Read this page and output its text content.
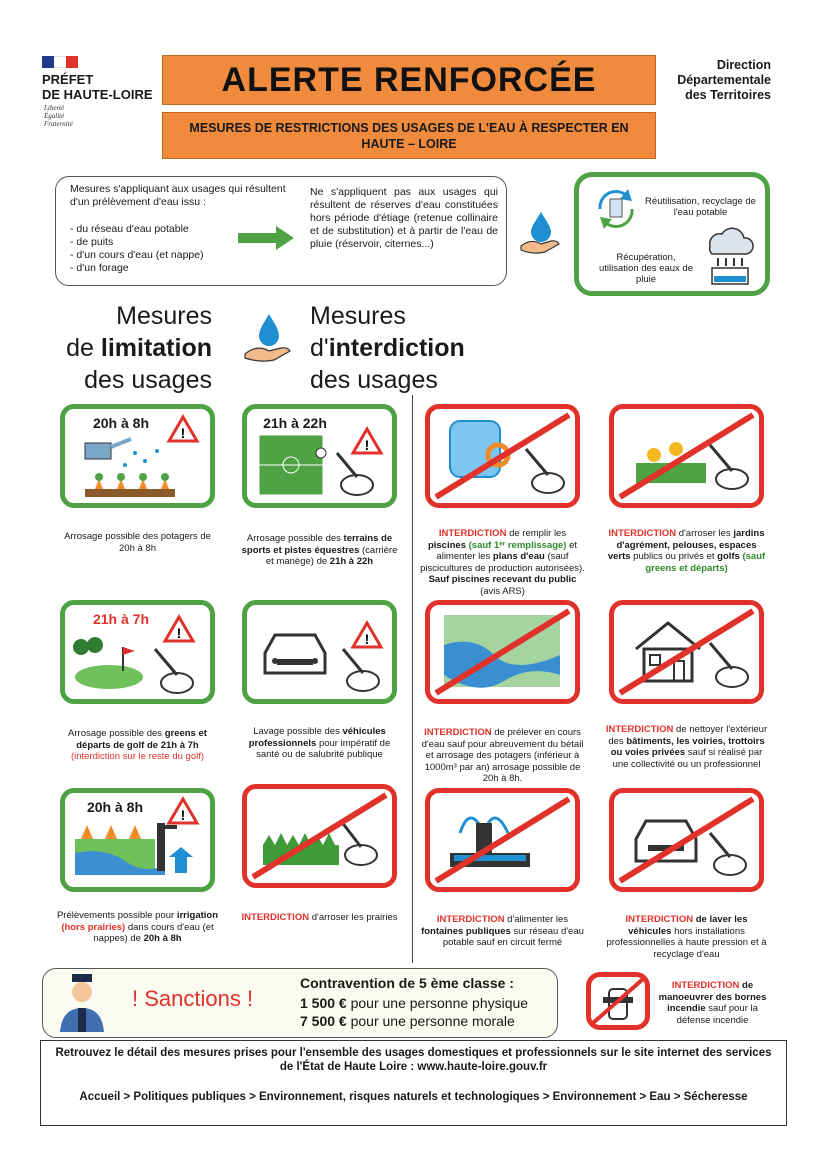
PRÉFET
DE HAUTE-LOIRE
Liberté
Égalité
Fraternité
ALERTE RENFORCÉE
MESURES DE RESTRICTIONS DES USAGES DE L'EAU À RESPECTER EN HAUTE – LOIRE
Direction
Départementale
des Territoires
Mesures s'appliquant aux usages qui résultent d'un prélèvement d'eau issu :
- du réseau d'eau potable
- de puits
- d'un cours d'eau (et nappe)
- d'un forage
Ne s'appliquent pas aux usages qui résultent de réserves d'eau constituées hors période d'étiage (retenue collinaire et de substitution) et à partir de l'eau de pluie (réservoir, citernes...)
Réutilisation, recyclage de l'eau potable
Récupération, utilisation des eaux de pluie
Mesures
de limitation
des usages
Mesures
d'interdiction
des usages
20h à 8h
!
Arrosage possible des potagers de 20h à 8h
21h à 22h
!
Arrosage possible des terrains de sports et pistes équestres (carrière et manège) de 21h à 22h
INTERDICTION de remplir les piscines (sauf 1ᵉʳ remplissage) et alimenter les plans d'eau (sauf piscicultures de production autorisées). Sauf piscines recevant du public (avis ARS)
INTERDICTION d'arroser les jardins d'agrément, pelouses, espaces verts publics ou privés et golfs (sauf greens et départs)
21h à 7h
!
Arrosage possible des greens et départs de golf de 21h à 7h (interdiction sur le reste du golf)
!
Lavage possible des véhicules professionnels pour impératif de santé ou de salubrité publique
INTERDICTION de prélever en cours d'eau sauf pour abreuvement du bétail et arrosage des potagers (inférieur à 1000m³ par an) arrosage possible de 20h à 8h.
INTERDICTION de nettoyer l'extérieur des bâtiments, les voiries, trottoirs ou voies privées sauf si réalisé par une collectivité ou un professionnel
20h à 8h	!
Prélèvements possible pour irrigation (hors prairies) dans cours d'eau (et nappes) de 20h à 8h
INTERDICTION d'arroser les prairies	INTERDICTION d'alimenter les fontaines publiques sur réseau d'eau potable sauf en circuit fermé
INTERDICTION de laver les véhicules hors installations professionnelles à haute pression et à recyclage d'eau
! Sanctions !
Contravention de 5 ème classe :
1 500 € pour une personne physique
7 500 € pour une personne morale
INTERDICTION de manoeuvrer des bornes incendie sauf pour la défense incendie
Retrouvez le détail des mesures prises pour l'ensemble des usages domestiques et professionnels sur le site internet des services de l'État de Haute Loire : www.haute-loire.gouv.fr
Accueil > Politiques publiques > Environnement, risques naturels et technologiques > Environnement > Eau > Sécheresse
